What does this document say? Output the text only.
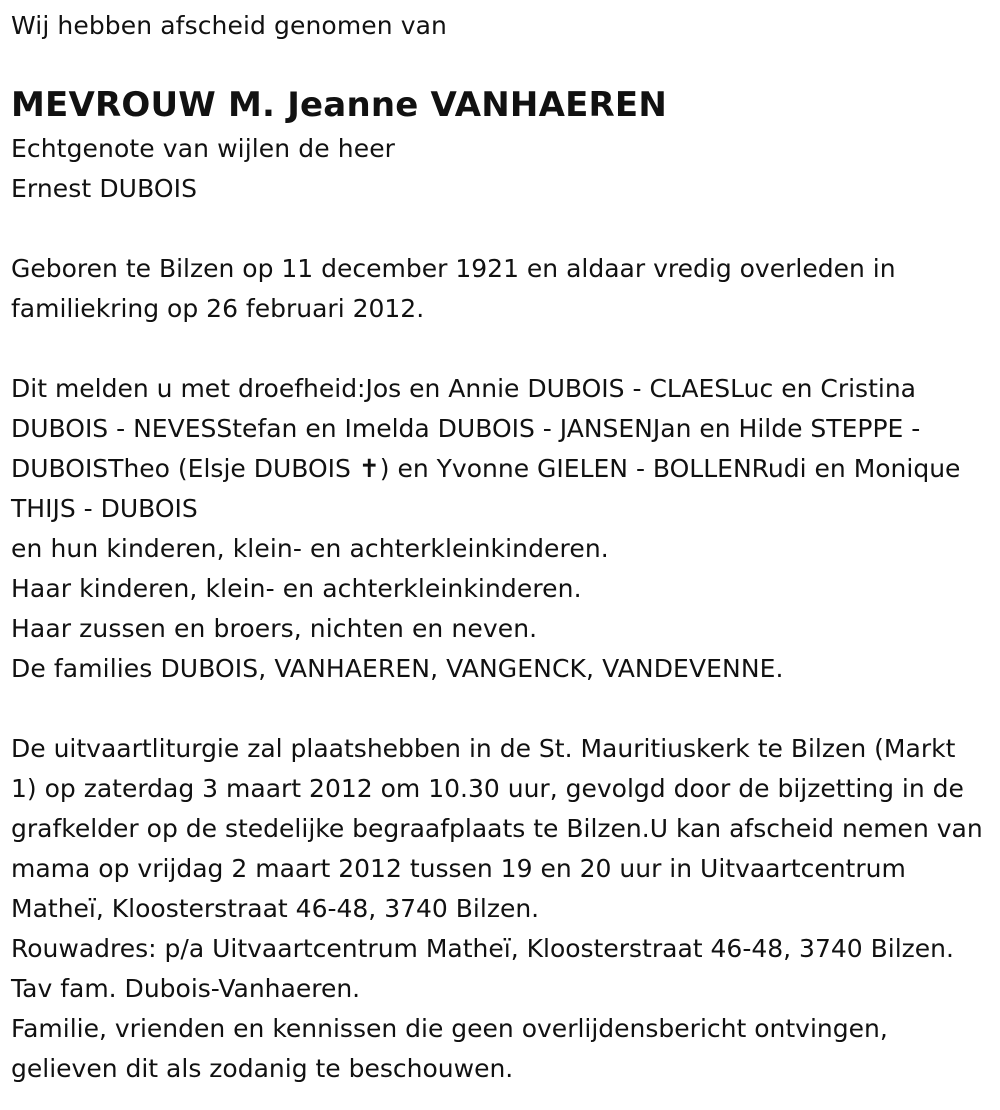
Wij hebben afscheid genomen van
MEVROUW M. Jeanne VANHAEREN
Echtgenote van wijlen de heer
Ernest DUBOIS

Geboren te Bilzen op 11 december 1921 en aldaar vredig overleden in familiekring op 26 februari 2012.

Dit melden u met droefheid:Jos en Annie DUBOIS - CLAESLuc en Cristina DUBOIS - NEVESStefan en Imelda DUBOIS - JANSENJan en Hilde STEPPE - DUBOISTheo (Elsje DUBOIS ✝) en Yvonne GIELEN - BOLLENRudi en Monique THIJS - DUBOIS

en hun kinderen, klein- en achterkleinkinderen.
Haar kinderen, klein- en achterkleinkinderen.
Haar zussen en broers, nichten en neven.
De families DUBOIS, VANHAEREN, VANGENCK, VANDEVENNE.

De uitvaartliturgie zal plaatshebben in de St. Mauritiuskerk te Bilzen (Markt 1) op zaterdag 3 maart 2012 om 10.30 uur, gevolgd door de bijzetting in de grafkelder op de stedelijke begraafplaats te Bilzen.U kan afscheid nemen van mama op vrijdag 2 maart 2012 tussen 19 en 20 uur in Uitvaartcentrum Matheï, Kloosterstraat 46-48, 3740 Bilzen.

Rouwadres: p/a Uitvaartcentrum Matheï, Kloosterstraat 46-48, 3740 Bilzen. Tav fam. Dubois-Vanhaeren.

Familie, vrienden en kennissen die geen overlijdensbericht ontvingen, gelieven dit als zodanig te beschouwen.
